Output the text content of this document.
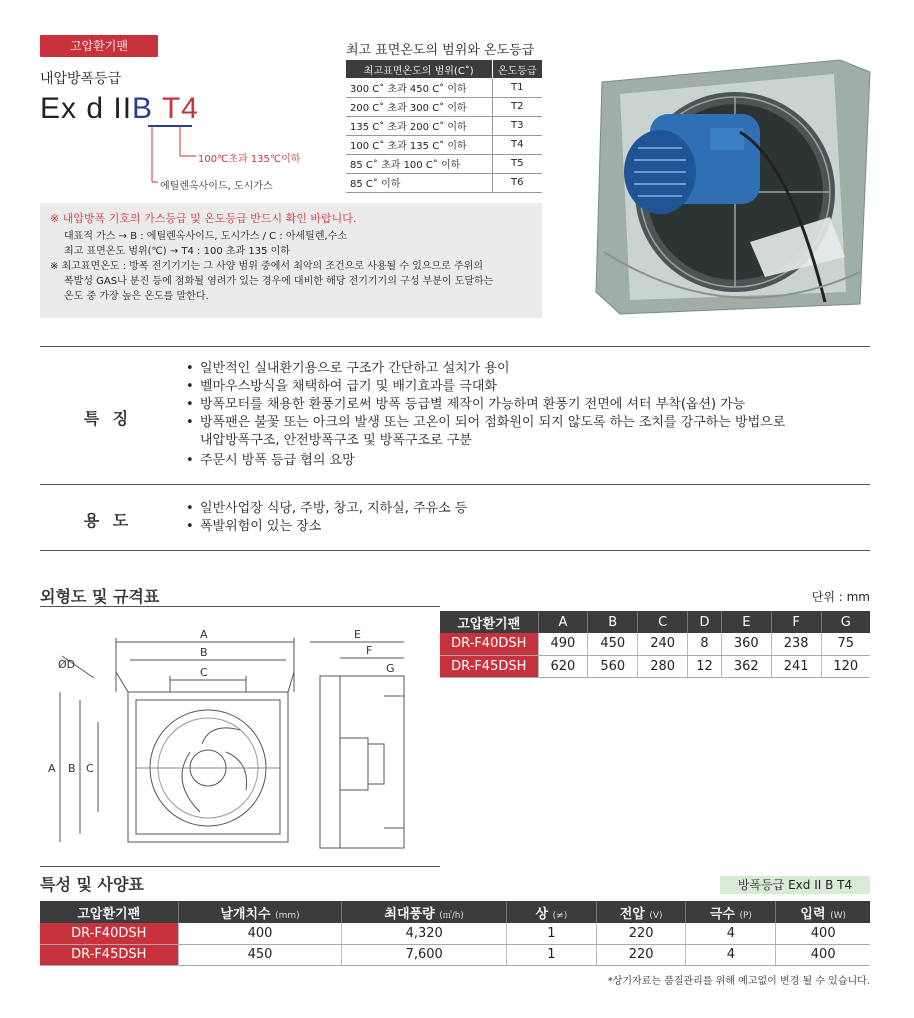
고압환기팬
내압방폭등급
Ex d IIB T4
100℃초과 135℃이하
에틸렌옥사이드, 도시가스
최고 표면온도의 범위와 온도등급
최고표면온도의 범위(C˚)	온도등급
300 C˚ 초과 450 C˚ 이하	T1
200 C˚ 초과 300 C˚ 이하	T2
135 C˚ 초과 200 C˚ 이하	T3
100 C˚ 초과 135 C˚ 이하	T4
85 C˚ 초과 100 C˚ 이하	T5
85 C˚ 이하	T6
※ 내압방폭 기호의 가스등급 및 온도등급 반드시 확인 바랍니다.
대표적 가스 → B : 에틸렌옥사이드, 도시가스 / C : 아세틸렌,수소
최고 표면온도 범위(℃) → T4 : 100 초과 135 이하
※ 최고표면온도 : 방폭 전기기기는 그 사양 범위 중에서 최악의 조건으로 사용될 수 있으므로 주위의
폭발성 GAS나 분진 등에 점화될 염려가 있는 경우에 대비한 해당 전기기기의 구성 부분이 도달하는
온도 중 가장 높은 온도를 말한다.
특 징
• 일반적인 실내환기용으로 구조가 간단하고 설치가 용이
• 벨마우스방식을 채택하여 급기 및 배기효과를 극대화
• 방폭모터를 채용한 환풍기로써 방폭 등급별 제작이 가능하며 환풍기 전면에 셔터 부착(옵션) 가능
• 방폭팬은 불꽃 또는 아크의 발생 또는 고온이 되어 점화원이 되지 않도록 하는 조치를 강구하는 방법으로
내압방폭구조, 안전방폭구조 및 방폭구조로 구분
• 주문시 방폭 등급 협의 요망
용 도
• 일반사업장 식당, 주방, 창고, 지하실, 주유소 등
• 폭발위험이 있는 장소
외형도 및 규격표	단위 : mm
A
B
C
A B C
ØD
E
F
G
고압환기팬	A	B	C	D	E	F	G
DR-F40DSH	490	450	240	8	360	238	75
DR-F45DSH	620	560	280	12	362	241	120
특성 및 사양표	방폭등급 Exd II B T4
고압환기팬	날개치수 (mm)	최대풍량 (㎥/h)	상 (≠)	전압 (V)	극수 (P)	입력 (W)
DR-F40DSH	400	4,320	1	220	4	400
DR-F45DSH	450	7,600	1	220	4	400
*상기자료는 품질관리를 위해 예고없이 변경 될 수 있습니다.
